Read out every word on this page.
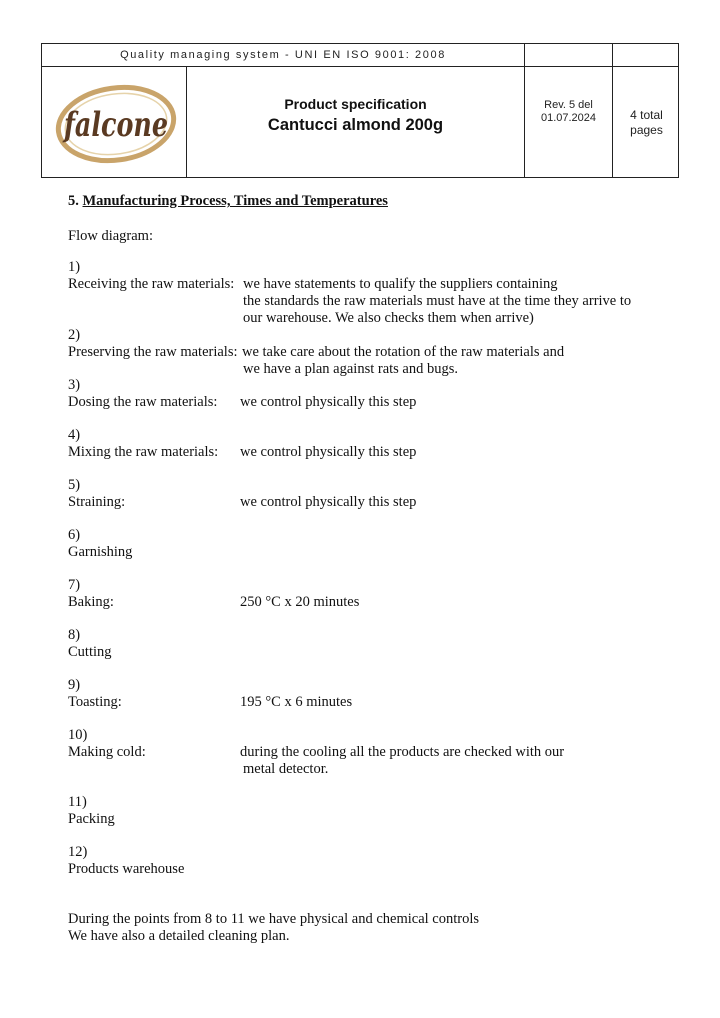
Quality managing system - UNI EN ISO 9001: 2008
falcone
Product specification
Cantucci almond 200g
Rev. 5 del
01.07.2024	4 total
pages
5. Manufacturing Process, Times and Temperatures
Flow diagram:
1)
Receiving the raw materials: we have statements to qualify the suppliers containing
the standards the raw materials must have at the time they arrive to
our warehouse. We also checks them when arrive)
2)
Preserving the raw materials: we take care about the rotation of the raw materials and
we have a plan against rats and bugs.
3)
Dosing the raw materials: we control physically this step
4)
Mixing the raw materials: we control physically this step
5)
Straining:	we control physically this step
6)
Garnishing
7)
Baking:	250 °C x 20 minutes
8)
Cutting
9)
Toasting:	195 °C x 6 minutes
10)
Making cold:	during the cooling all the products are checked with our
metal detector.
11)
Packing
12)
Products warehouse
During the points from 8 to 11 we have physical and chemical controls
We have also a detailed cleaning plan.
